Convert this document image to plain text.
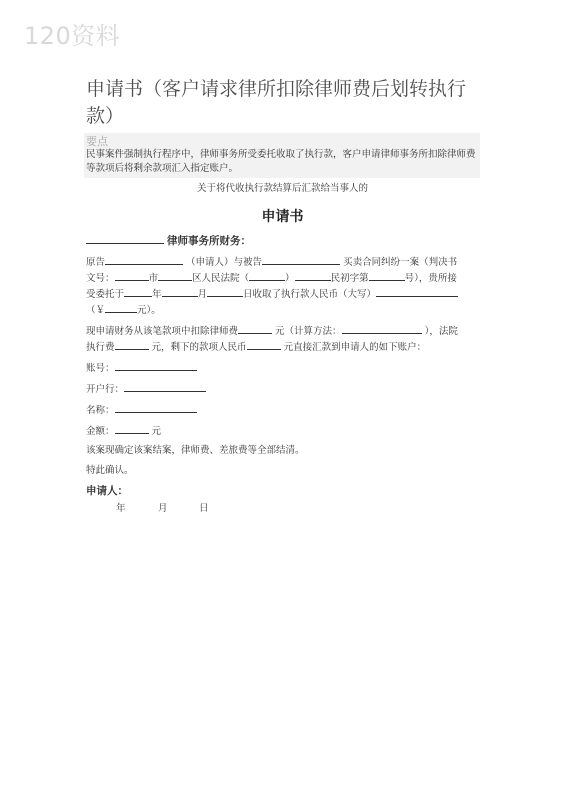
120资料
申请书（客户请求律所扣除律师费后划转执行款）
要点
民事案件强制执行程序中，律师事务所受委托收取了执行款，客户申请律师事务所扣除律师费等款项后将剩余款项汇入指定账户。
关于将代收执行款结算后汇款给当事人的
申请书
律师事务所财务：
原告	（申请人）与被告	买卖合同纠纷一案（判决书
文号：	市	区人民法院（	）	民初字第	号），贵所接
受委托于	年	月	日收取了执行款人民币（大写）
（￥	元）。
现申请财务从该笔款项中扣除律师费	元（计算方法：	），法院
执行费	元，剩下的款项人民币	元直接汇款到申请人的如下账户：
账号：
开户行：
名称：
金额：	元
该案现确定该案结案，律师费、差旅费等全部结清。
特此确认。
申请人：
年	月	日
